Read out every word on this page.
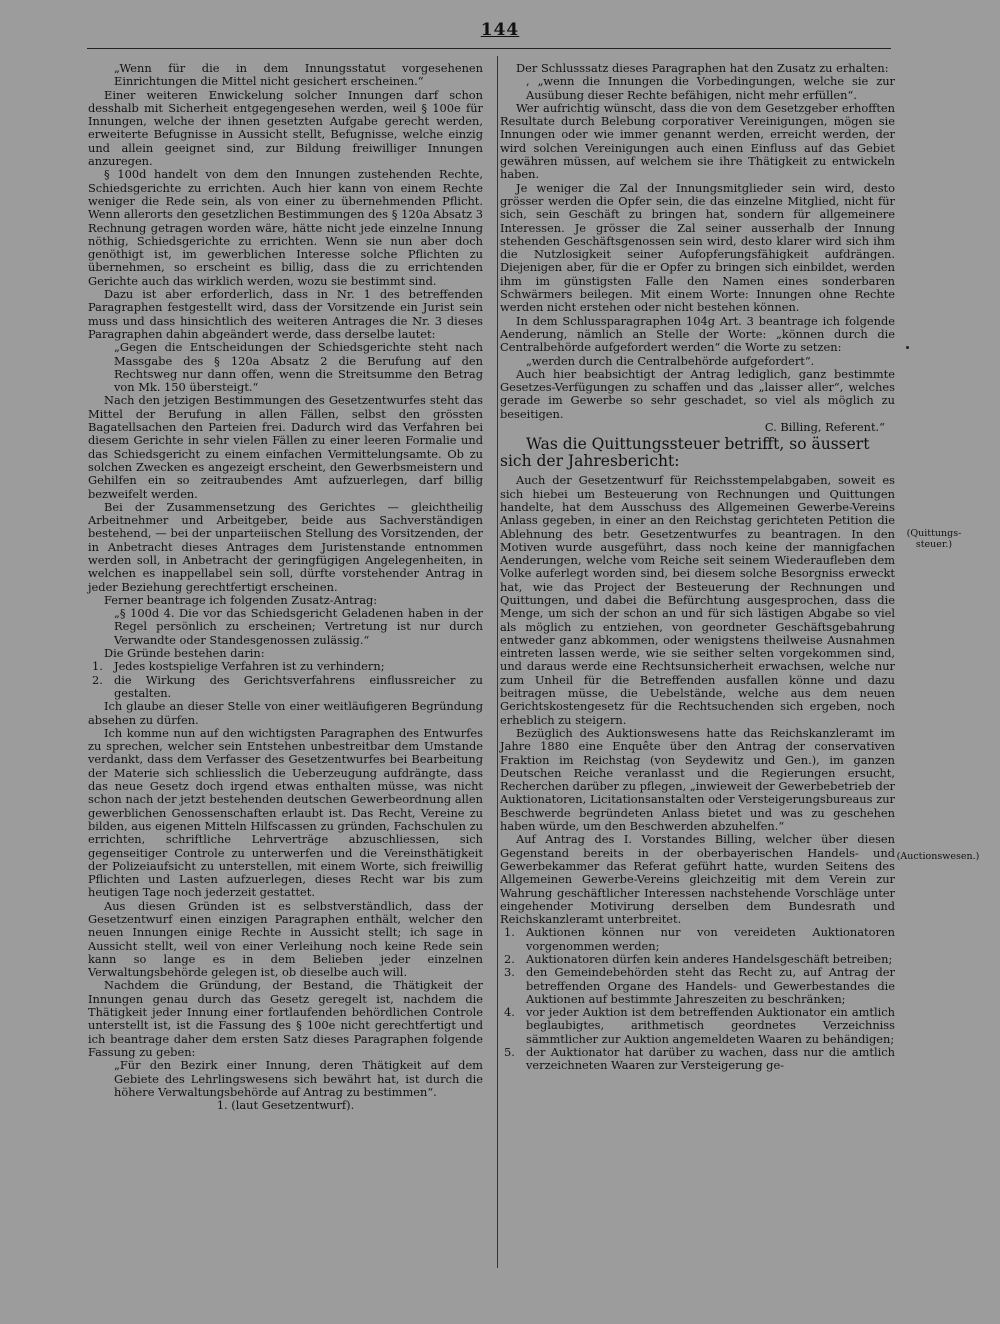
144

„Wenn für die in dem Innungsstatut vorgesehenen Einrichtungen die Mittel nicht gesichert erscheinen.“

Einer weiteren Enwickelung solcher Innungen darf schon desshalb mit Sicherheit entgegengesehen werden, weil § 100e für Innungen, welche der ihnen gesetzten Aufgabe gerecht werden, erweiterte Befugnisse in Aussicht stellt, Befugnisse, welche einzig und allein geeignet sind, zur Bildung freiwilliger Innungen anzuregen.

§ 100d handelt von dem den Innungen zustehenden Rechte, Schiedsgerichte zu errichten. Auch hier kann von einem Rechte weniger die Rede sein, als von einer zu übernehmenden Pflicht. Wenn allerorts den gesetzlichen Bestimmungen des § 120a Absatz 3 Rechnung getragen worden wäre, hätte nicht jede einzelne Innung nöthig, Schiedsgerichte zu errichten. Wenn sie nun aber doch genöthigt ist, im gewerblichen Interesse solche Pflichten zu übernehmen, so erscheint es billig, dass die zu errichtenden Gerichte auch das wirklich werden, wozu sie bestimmt sind.

Dazu ist aber erforderlich, dass in Nr. 1 des betreffenden Paragraphen festgestellt wird, dass der Vorsitzende ein Jurist sein muss und dass hinsichtlich des weiteren Antrages die Nr. 3 dieses Paragraphen dahin abgeändert werde, dass derselbe lautet:

„Gegen die Entscheidungen der Schiedsgerichte steht nach Massgabe des § 120a Absatz 2 die Berufung auf den Rechtsweg nur dann offen, wenn die Streitsumme den Betrag von Mk. 150 übersteigt.“

Nach den jetzigen Bestimmungen des Gesetzentwurfes steht das Mittel der Berufung in allen Fällen, selbst den grössten Bagatellsachen den Parteien frei. Dadurch wird das Verfahren bei diesem Gerichte in sehr vielen Fällen zu einer leeren Formalie und das Schiedsgericht zu einem einfachen Vermittelungsamte. Ob zu solchen Zwecken es angezeigt erscheint, den Gewerbsmeistern und Gehilfen ein so zeitraubendes Amt aufzuerlegen, darf billig bezweifelt werden.

Bei der Zusammensetzung des Gerichtes — gleichtheilig Arbeitnehmer und Arbeitgeber, beide aus Sachverständigen bestehend, — bei der unparteiischen Stellung des Vorsitzenden, der in Anbetracht dieses Antrages dem Juristenstande entnommen werden soll, in Anbetracht der geringfügigen Angelegenheiten, in welchen es inappellabel sein soll, dürfte vorstehender Antrag in jeder Beziehung gerechtfertigt erscheinen.

Ferner beantrage ich folgenden Zusatz-Antrag:

„§ 100d 4. Die vor das Schiedsgericht Geladenen haben in der Regel persönlich zu erscheinen; Vertretung ist nur durch Verwandte oder Standesgenossen zulässig.“

Die Gründe bestehen darin:

1. Jedes kostspielige Verfahren ist zu verhindern;
2. die Wirkung des Gerichtsverfahrens einflussreicher zu gestalten.

Ich glaube an dieser Stelle von einer weitläufigeren Begründung absehen zu dürfen.

Ich komme nun auf den wichtigsten Paragraphen des Entwurfes zu sprechen, welcher sein Entstehen unbestreitbar dem Umstande verdankt, dass dem Verfasser des Gesetzentwurfes bei Bearbeitung der Materie sich schliesslich die Ueberzeugung aufdrängte, dass das neue Gesetz doch irgend etwas enthalten müsse, was nicht schon nach der jetzt bestehenden deutschen Gewerbeordnung allen gewerblichen Genossenschaften erlaubt ist. Das Recht, Vereine zu bilden, aus eigenen Mitteln Hilfscassen zu gründen, Fachschulen zu errichten, schriftliche Lehrverträge abzuschliessen, sich gegenseitiger Controle zu unterwerfen und die Vereinsthätigkeit der Polizeiaufsicht zu unterstellen, mit einem Worte, sich freiwillig Pflichten und Lasten aufzuerlegen, dieses Recht war bis zum heutigen Tage noch jederzeit gestattet.

Aus diesen Gründen ist es selbstverständlich, dass der Gesetzentwurf einen einzigen Paragraphen enthält, welcher den neuen Innungen einige Rechte in Aussicht stellt; ich sage in Aussicht stellt, weil von einer Verleihung noch keine Rede sein kann so lange es in dem Belieben jeder einzelnen Verwaltungsbehörde gelegen ist, ob dieselbe auch will.

Nachdem die Gründung, der Bestand, die Thätigkeit der Innungen genau durch das Gesetz geregelt ist, nachdem die Thätigkeit jeder Innung einer fortlaufenden behördlichen Controle unterstellt ist, ist die Fassung des § 100e nicht gerechtfertigt und ich beantrage daher dem ersten Satz dieses Paragraphen folgende Fassung zu geben:

„Für den Bezirk einer Innung, deren Thätigkeit auf dem Gebiete des Lehrlingswesens sich bewährt hat, ist durch die höhere Verwaltungsbehörde auf Antrag zu bestimmen“.

1. (laut Gesetzentwurf).

Der Schlusssatz dieses Paragraphen hat den Zusatz zu erhalten:

, „wenn die Innungen die Vorbedingungen, welche sie zur Ausübung dieser Rechte befähigen, nicht mehr erfüllen“.

Wer aufrichtig wünscht, dass die von dem Gesetzgeber erhofften Resultate durch Belebung corporativer Vereinigungen, mögen sie Innungen oder wie immer genannt werden, erreicht werden, der wird solchen Vereinigungen auch einen Einfluss auf das Gebiet gewähren müssen, auf welchem sie ihre Thätigkeit zu entwickeln haben.

Je weniger die Zal der Innungsmitglieder sein wird, desto grösser werden die Opfer sein, die das einzelne Mitglied, nicht für sich, sein Geschäft zu bringen hat, sondern für allgemeinere Interessen. Je grösser die Zal seiner ausserhalb der Innung stehenden Geschäftsgenossen sein wird, desto klarer wird sich ihm die Nutzlosigkeit seiner Aufopferungsfähigkeit aufdrängen. Diejenigen aber, für die er Opfer zu bringen sich einbildet, werden ihm im günstigsten Falle den Namen eines sonderbaren Schwärmers beilegen. Mit einem Worte: Innungen ohne Rechte werden nicht erstehen oder nicht bestehen können.

In dem Schlussparagraphen 104g Art. 3 beantrage ich folgende Aenderung, nämlich an Stelle der Worte: „können durch die Centralbehörde aufgefordert werden“ die Worte zu setzen:

„werden durch die Centralbehörde aufgefordert“.

Auch hier beabsichtigt der Antrag lediglich, ganz bestimmte Gesetzes-Verfügungen zu schaffen und das „laisser aller“, welches gerade im Gewerbe so sehr geschadet, so viel als möglich zu beseitigen.

C. Billing, Referent.“

Was die Quittungssteuer betrifft, so äussert sich der Jahresbericht:

Auch der Gesetzentwurf für Reichsstempelabgaben, soweit es sich hiebei um Besteuerung von Rechnungen und Quittungen handelte, hat dem Ausschuss des Allgemeinen Gewerbe-Vereins Anlass gegeben, in einer an den Reichstag gerichteten Petition die Ablehnung des betr. Gesetzentwurfes zu beantragen. In den Motiven wurde ausgeführt, dass noch keine der mannigfachen Aenderungen, welche vom Reiche seit seinem Wiederaufleben dem Volke auferlegt worden sind, bei diesem solche Besorgniss erweckt hat, wie das Project der Besteuerung der Rechnungen und Quittungen, und dabei die Befürchtung ausgesprochen, dass die Menge, um sich der schon an und für sich lästigen Abgabe so viel als möglich zu entziehen, von geordneter Geschäftsgebahrung entweder ganz abkommen, oder wenigstens theilweise Ausnahmen eintreten lassen werde, wie sie seither selten vorgekommen sind, und daraus werde eine Rechtsunsicherheit erwachsen, welche nur zum Unheil für die Betreffenden ausfallen könne und dazu beitragen müsse, die Uebelstände, welche aus dem neuen Gerichtskostengesetz für die Rechtsuchenden sich ergeben, noch erheblich zu steigern.

Bezüglich des Auktionswesens hatte das Reichskanzleramt im Jahre 1880 eine Enquête über den Antrag der conservativen Fraktion im Reichstag (von Seydewitz und Gen.), im ganzen Deutschen Reiche veranlasst und die Regierungen ersucht, Recherchen darüber zu pflegen, „inwieweit der Gewerbebetrieb der Auktionatoren, Licitationsanstalten oder Versteigerungsbureaus zur Beschwerde begründeten Anlass bietet und was zu geschehen haben würde, um den Beschwerden abzuhelfen.“

Auf Antrag des I. Vorstandes Billing, welcher über diesen Gegenstand bereits in der oberbayerischen Handels- und Gewerbekammer das Referat geführt hatte, wurden Seitens des Allgemeinen Gewerbe-Vereins gleichzeitig mit dem Verein zur Wahrung geschäftlicher Interessen nachstehende Vorschläge unter eingehender Motivirung derselben dem Bundesrath und Reichskanzleramt unterbreitet.

1. Auktionen können nur von vereideten Auktionatoren vorgenommen werden;
2. Auktionatoren dürfen kein anderes Handelsgeschäft betreiben;
3. den Gemeindebehörden steht das Recht zu, auf Antrag der betreffenden Organe des Handels- und Gewerbestandes die Auktionen auf bestimmte Jahreszeiten zu beschränken;
4. vor jeder Auktion ist dem betreffenden Auktionator ein amtlich beglaubigtes, arithmetisch geordnetes Verzeichniss sämmtlicher zur Auktion angemeldeten Waaren zu behändigen;
5. der Auktionator hat darüber zu wachen, dass nur die amtlich verzeichneten Waaren zur Versteigerung ge-
(Quittungs-
steuer.)
(Auctionswesen.)
